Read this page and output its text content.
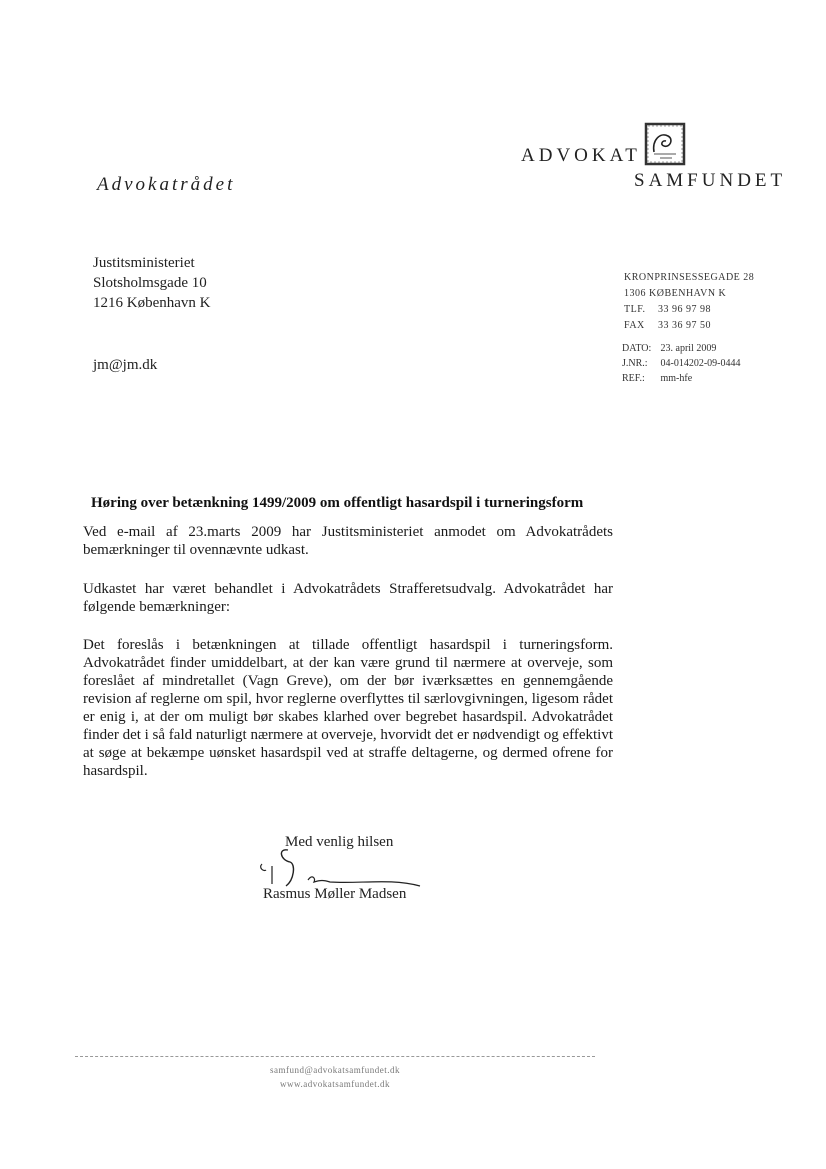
Advokatrådet
ADVOKAT
SAMFUNDET
Justitsministeriet
Slotsholmsgade 10
1216 København K
jm@jm.dk
KRONPRINSESSEGADE 28
1306 KØBENHAVN K
TLF. 33 96 97 98
FAX 33 36 97 50
DATO: 23. april 2009
J.NR.: 04-014202-09-0444
REF.: mm-hfe
Høring over betænkning 1499/2009 om offentligt hasardspil i turneringsform
Ved e-mail af 23.marts 2009 har Justitsministeriet anmodet om Advokatrådets bemærkninger til ovennævnte udkast.
Udkastet har været behandlet i Advokatrådets Strafferetsudvalg. Advokatrådet har følgende bemærkninger:
Det foreslås i betænkningen at tillade offentligt hasardspil i turneringsform. Advokatrådet finder umiddelbart, at der kan være grund til nærmere at overveje, som foreslået af mindretallet (Vagn Greve), om der bør iværksættes en gennemgående revision af reglerne om spil, hvor reglerne overflyttes til særlovgivningen, ligesom rådet er enig i, at der om muligt bør skabes klarhed over begrebet hasardspil. Advokatrådet finder det i så fald naturligt nærmere at overveje, hvorvidt det er nødvendigt og effektivt at søge at bekæmpe uønsket hasardspil ved at straffe deltagerne, og dermed ofrene for hasardspil.
Med venlig hilsen
Rasmus Møller Madsen
samfund@advokatsamfundet.dk
www.advokatsamfundet.dk
